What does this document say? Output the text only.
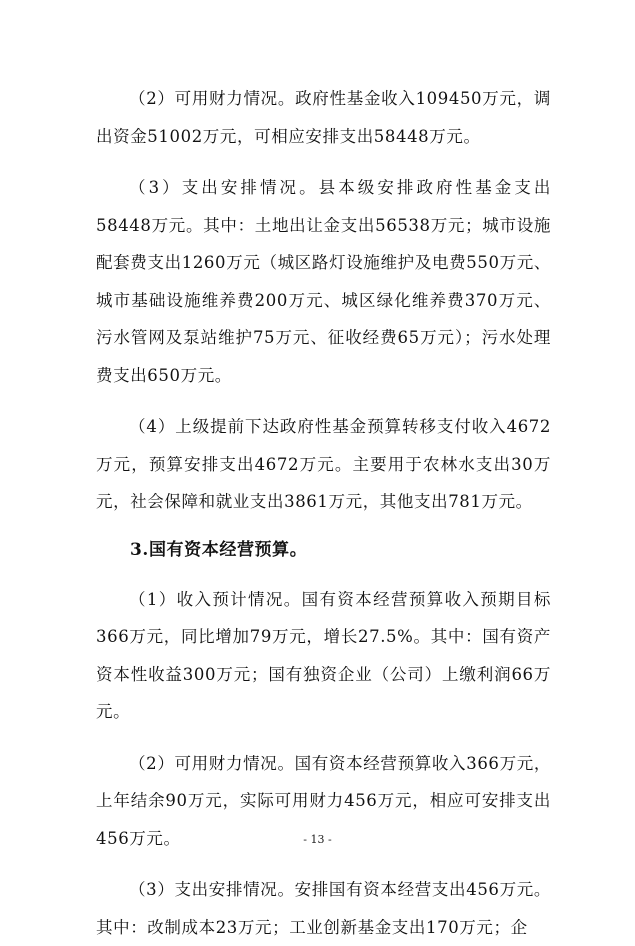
（2）可用财力情况。政府性基金收入109450万元，调出资金51002万元，可相应安排支出58448万元。

（3）支出安排情况。县本级安排政府性基金支出58448万元。其中：土地出让金支出56538万元；城市设施配套费支出1260万元（城区路灯设施维护及电费550万元、城市基础设施维养费200万元、城区绿化维养费370万元、污水管网及泵站维护75万元、征收经费65万元）；污水处理费支出650万元。

（4）上级提前下达政府性基金预算转移支付收入4672万元，预算安排支出4672万元。主要用于农林水支出30万元，社会保障和就业支出3861万元，其他支出781万元。

3.国有资本经营预算。

（1）收入预计情况。国有资本经营预算收入预期目标366万元，同比增加79万元，增长27.5%。其中：国有资产资本性收益300万元；国有独资企业（公司）上缴利润66万元。

（2）可用财力情况。国有资本经营预算收入366万元，上年结余90万元，实际可用财力456万元，相应可安排支出456万元。

（3）支出安排情况。安排国有资本经营支出456万元。其中：改制成本23万元；工业创新基金支出170万元；企

- 13 -
